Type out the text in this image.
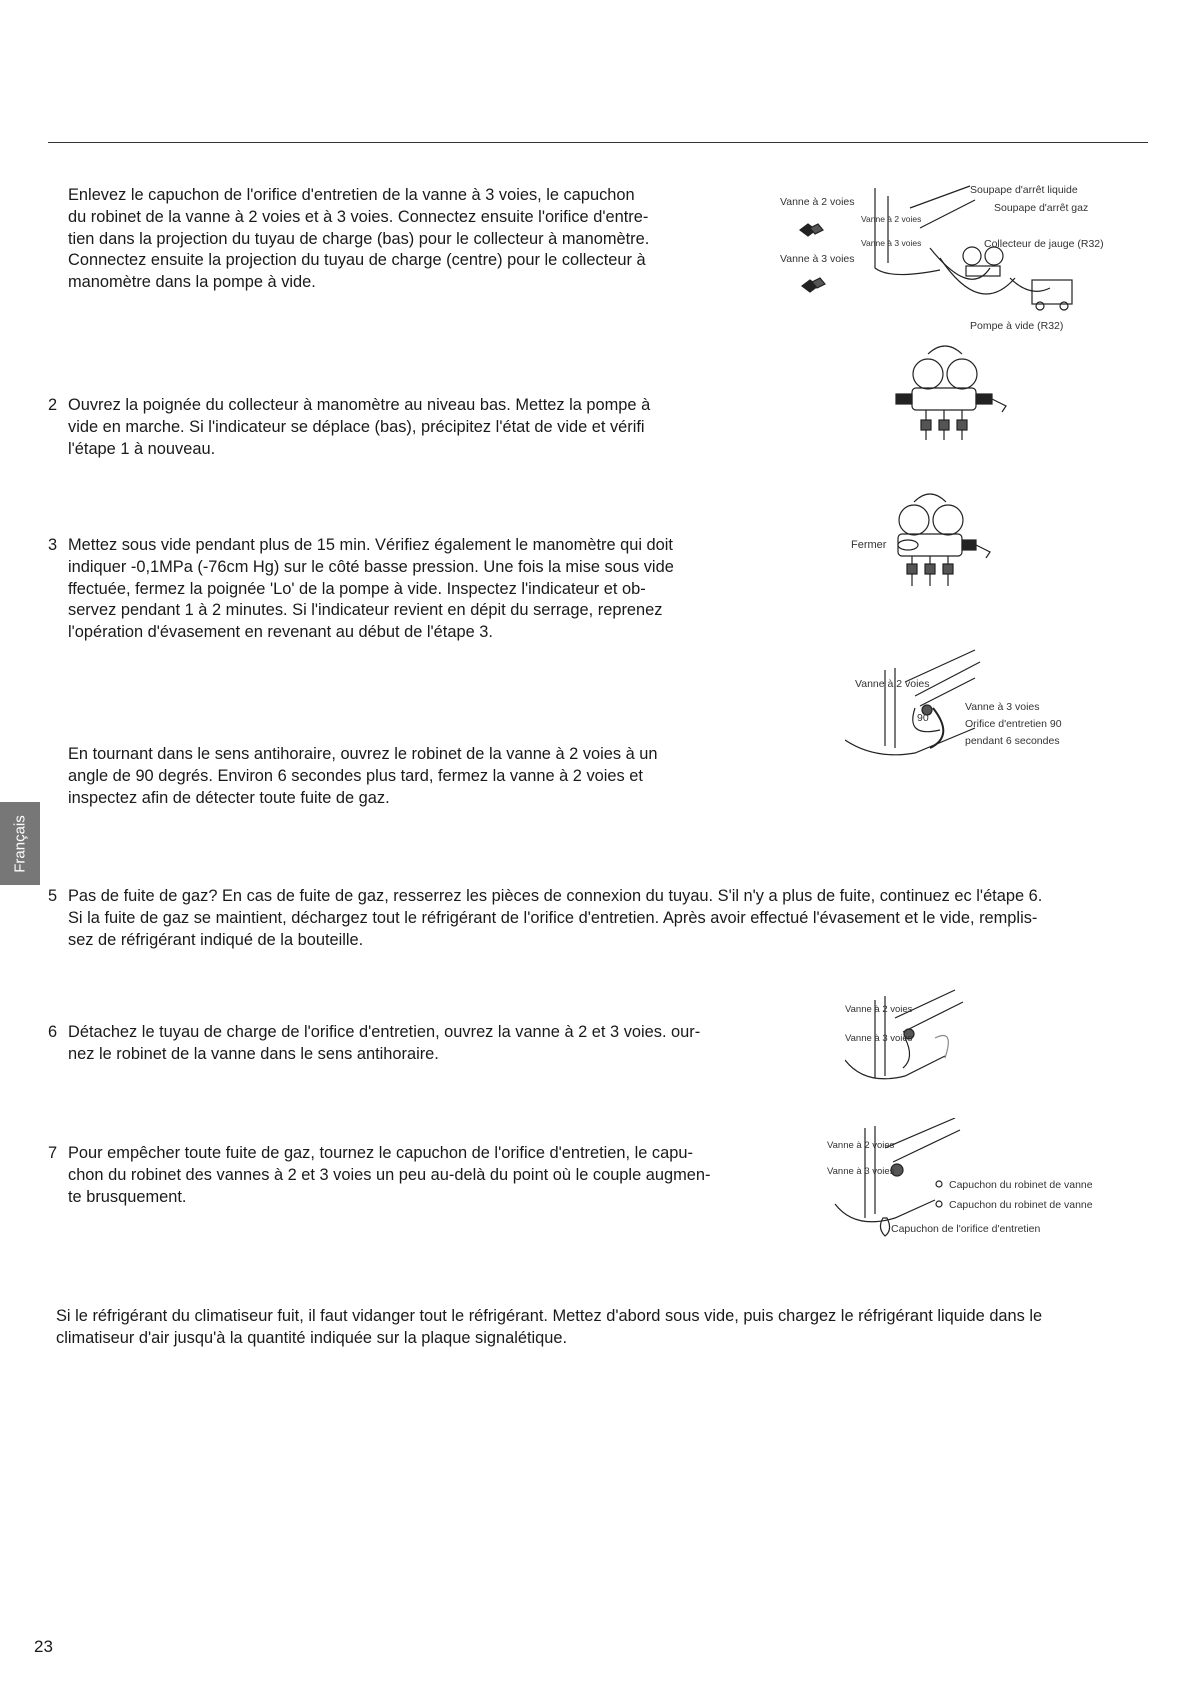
Enlevez le capuchon de l'orifice d'entretien de la vanne à 3 voies, le capuchon
du robinet de la vanne à 2 voies et à 3 voies. Connectez ensuite l'orifice d'entre-
tien dans la projection du tuyau de charge (bas) pour le collecteur à manomètre.
Connectez ensuite la projection du tuyau de charge (centre) pour le collecteur à
manomètre dans la pompe à vide.

2 Ouvrez la poignée du collecteur à manomètre au niveau bas. Mettez la pompe à
vide en marche. Si l'indicateur se déplace (bas), précipitez l'état de vide et vérifi
l'étape 1 à nouveau.

3 Mettez sous vide pendant plus de 15 min. Vérifiez également le manomètre qui doit
indiquer -0,1MPa (-76cm Hg) sur le côté basse pression. Une fois la mise sous vide
ffectuée, fermez la poignée 'Lo' de la pompe à vide. Inspectez l'indicateur et ob-
servez pendant 1 à 2 minutes. Si l'indicateur revient en dépit du serrage, reprenez
l'opération d'évasement en revenant au début de l'étape 3.

En tournant dans le sens antihoraire, ouvrez le robinet de la vanne à 2 voies à un
angle de 90 degrés. Environ 6 secondes plus tard, fermez la vanne à 2 voies et
inspectez afin de détecter toute fuite de gaz.

5 Pas de fuite de gaz? En cas de fuite de gaz, resserrez les pièces de connexion du tuyau. S'il n'y a plus de fuite, continuez ec l'étape 6.
Si la fuite de gaz se maintient, déchargez tout le réfrigérant de l'orifice d'entretien. Après avoir effectué l'évasement et le vide, remplis-
sez de réfrigérant indiqué de la bouteille.

6 Détachez le tuyau de charge de l'orifice d'entretien, ouvrez la vanne à 2 et 3 voies. our-
nez le robinet de la vanne dans le sens antihoraire.

7 Pour empêcher toute fuite de gaz, tournez le capuchon de l'orifice d'entretien, le capu-
chon du robinet des vannes à 2 et 3 voies un peu au-delà du point où le couple augmen-
te brusquement.

Si le réfrigérant du climatiseur fuit, il faut vidanger tout le réfrigérant. Mettez d'abord sous vide, puis chargez le réfrigérant liquide dans le
climatiseur d'air jusqu'à la quantité indiquée sur la plaque signalétique.

Français
23
Vanne à 2 voies
Vanne à 3 voies
Vanne à 2 voies
Vanne à 3 voies
Soupape d'arrêt liquide
Soupape d'arrêt gaz
Collecteur de jauge (R32)
Pompe à vide (R32)
Fermer
Vanne à 2 voies
Vanne à 3 voies
90	Orifice d'entretien 90
pendant 6 secondes
Vanne à 2 voies
Vanne à 3 voies
Vanne à 2 voies
Vanne à 3 voies
Capuchon du robinet de vanne
Capuchon du robinet de vanne
Capuchon de l'orifice d'entretien
